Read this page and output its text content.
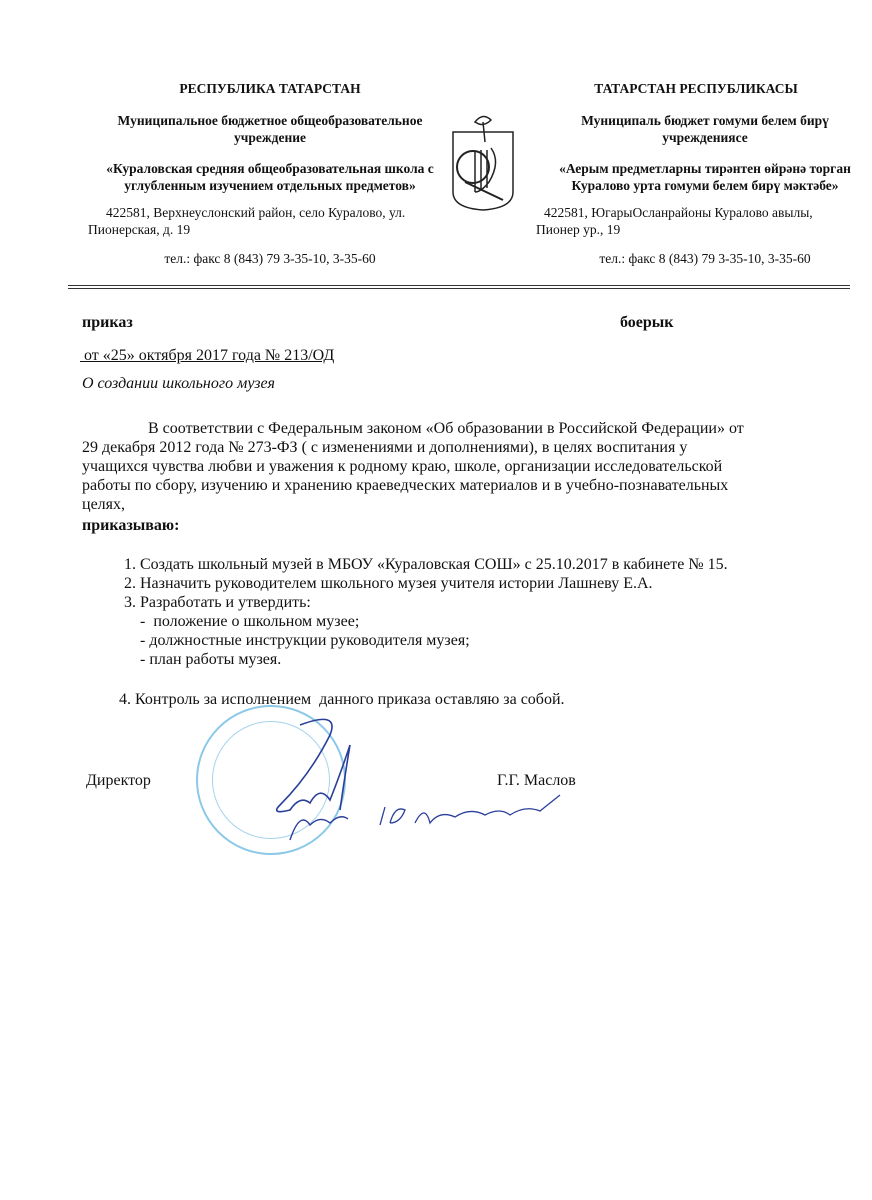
РЕСПУБЛИКА ТАТАРСТАН
Муниципальное бюджетное общеобразовательное учреждение
«Кураловская средняя общеобразовательная школа с углубленным изучением отдельных предметов»
422581, Верхнеуслонский район, село Куралово, ул.
Пионерская, д. 19
тел.: факс 8 (843) 79 3-35-10, 3-35-60
ТАТАРСТАН РЕСПУБЛИКАСЫ
Муниципаль бюджет гомуми белем бирү учреждениясе
«Аерым предметларны тирәнтен өйрәнә торган Куралово урта гомуми белем бирү мәктәбе»
422581, ЮгарыОсланрайоны Куралово авылы,
Пионер ур., 19
тел.: факс 8 (843) 79 3-35-10, 3-35-60
приказ	боерык
от «25» октября 2017 года № 213/ОД
О создании школьного музея
В соответствии с Федеральным законом «Об образовании в Российской Федерации» от 29 декабря 2012 года № 273-ФЗ ( с изменениями и дополнениями), в целях воспитания у учащихся чувства любви и уважения к родному краю, школе, организации исследовательской работы по сбору, изучению и хранению краеведческих материалов и в учебно-познавательных целях,
приказываю:
1. Создать школьный музей в МБОУ «Кураловская СОШ» с 25.10.2017 в кабинете № 15.
2. Назначить руководителем школьного музея учителя истории Лашневу Е.А.
3. Разработать и утвердить:
-  положение о школьном музее;
- должностные инструкции руководителя музея;
- план работы музея.
4. Контроль за исполнением  данного приказа оставляю за собой.
Директор	Г.Г. Маслов
